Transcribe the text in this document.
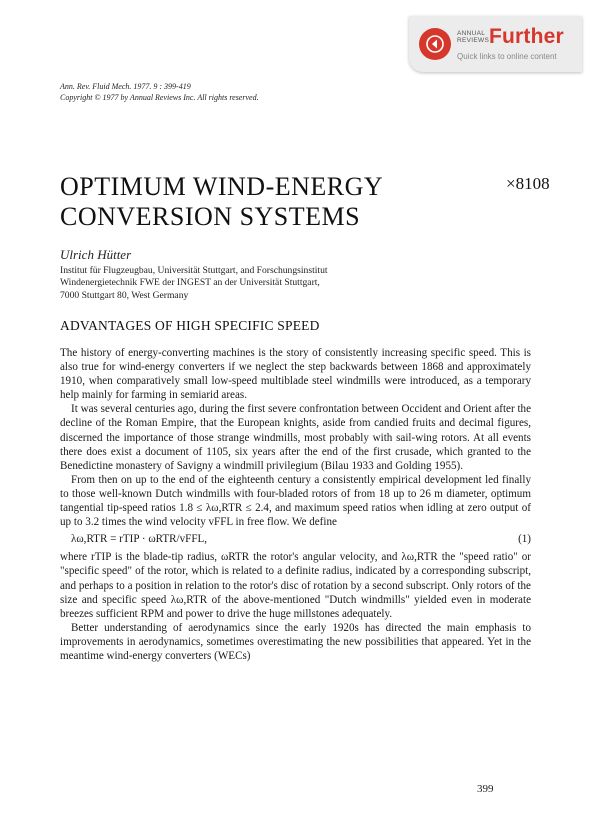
ANNUAL
REVIEWS Further
Quick links to online content
Ann. Rev. Fluid Mech. 1977. 9 : 399-419
Copyright © 1977 by Annual Reviews Inc. All rights reserved.
OPTIMUM WIND-ENERGY
CONVERSION SYSTEMS
×8108
Ulrich Hütter
Institut für Flugzeugbau, Universität Stuttgart, and Forschungsinstitut
Windenergietechnik FWE der INGEST an der Universität Stuttgart,
7000 Stuttgart 80, West Germany
ADVANTAGES OF HIGH SPECIFIC SPEED

The history of energy-converting machines is the story of consistently increasing specific speed. This is also true for wind-energy converters if we neglect the step backwards between 1868 and approximately 1910, when comparatively small low-speed multiblade steel windmills were introduced, as a temporary help mainly for farming in semiarid areas.

It was several centuries ago, during the first severe confrontation between Occident and Orient after the decline of the Roman Empire, that the European knights, aside from candied fruits and decimal figures, discerned the importance of those strange windmills, most probably with sail-wing rotors. At all events there does exist a document of 1105, six years after the end of the first crusade, which granted to the Benedictine monastery of Savigny a windmill privilegium (Bilau 1933 and Golding 1955).

From then on up to the end of the eighteenth century a consistently empirical development led finally to those well-known Dutch windmills with four-bladed rotors of from 18 up to 26 m diameter, optimum tangential tip-speed ratios 1.8 ≤ λω,RTR ≤ 2.4, and maximum speed ratios when idling at zero output of up to 3.2 times the wind velocity vFFL in free flow. We define

λω,RTR = rTIP · ωRTR/vFFL,	(1)

where rTIP is the blade-tip radius, ωRTR the rotor's angular velocity, and λω,RTR the "speed ratio" or "specific speed" of the rotor, which is related to a definite radius, indicated by a corresponding subscript, and perhaps to a position in relation to the rotor's disc of rotation by a second subscript. Only rotors of the size and specific speed λω,RTR of the above-mentioned "Dutch windmills" yielded even in moderate breezes sufficient RPM and power to drive the huge millstones adequately.

Better understanding of aerodynamics since the early 1920s has directed the main emphasis to improvements in aerodynamics, sometimes overestimating the new possibilities that appeared. Yet in the meantime wind-energy converters (WECs)

399
